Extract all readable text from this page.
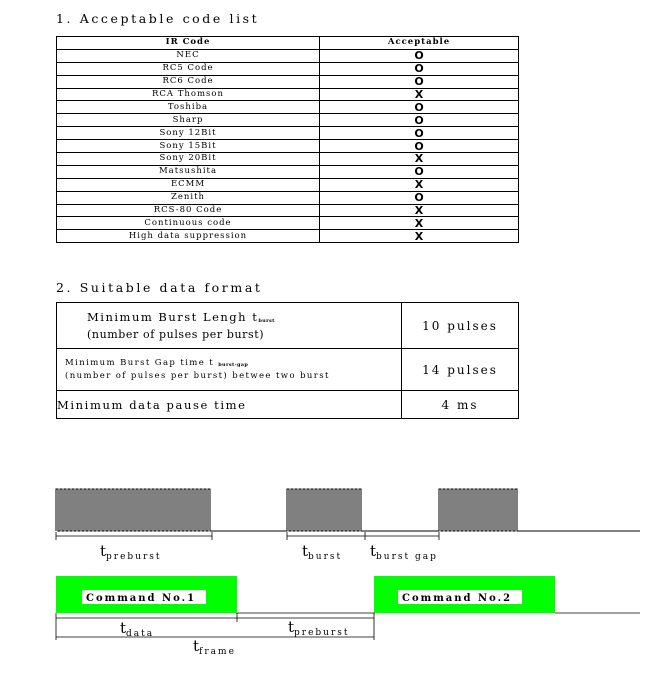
1. Acceptable code list
IR Code	Acceptable
NEC	O
RC5 Code	O
RC6 Code	O
RCA Thomson	X
Toshiba	O
Sharp	O
Sony 12Bit	O
Sony 15Bit	O
Sony 20Bit	X
Matsushita	O
ECMM	X
Zenith	O
RCS-80 Code	X
Continuous code	X
High data suppression	X
2. Suitable data format
Minimum Burst Lengh $t_{burst}$
(number of pulses per burst)	10 pulses

Minimum Burst Gap time t $_{burst-gap}$
(number of pulses per burst) betwee two burst	14 pulses
Minimum data pause time	4 ms
tpreburst	tburst tburst gap
Command No.1	Command No.2
tdata	tpreburst
tframe
